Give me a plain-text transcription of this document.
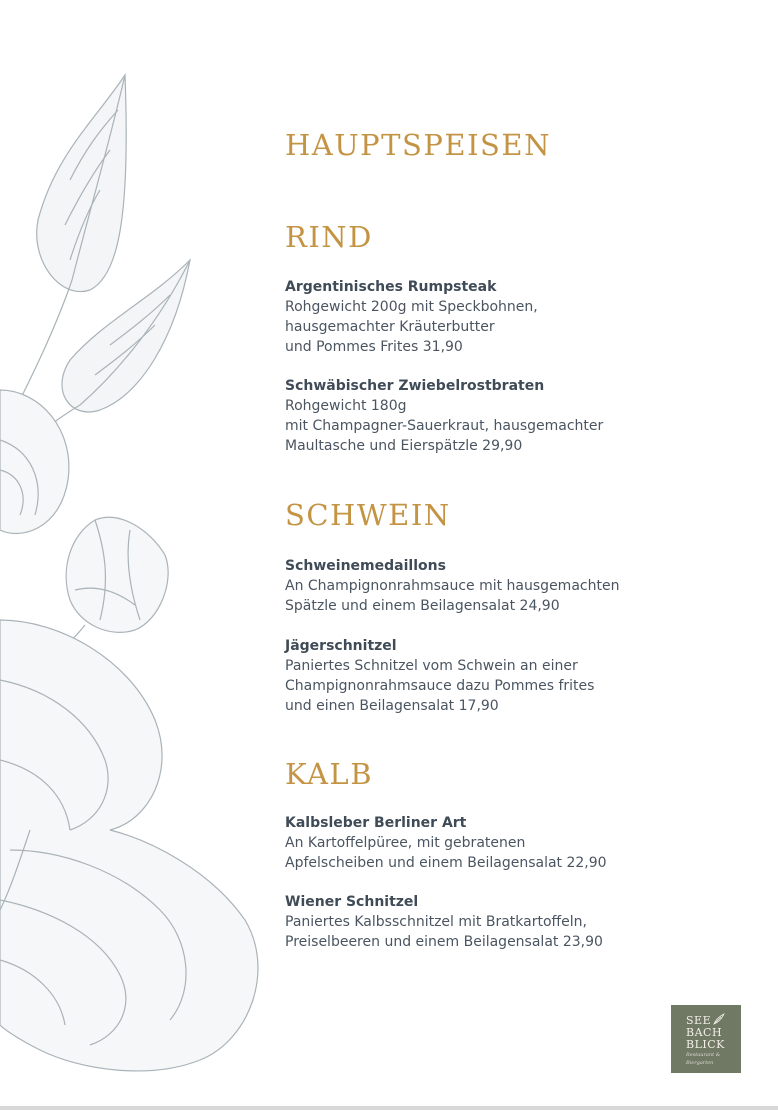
HAUPTSPEISEN
RIND
Argentinisches Rumpsteak
Rohgewicht 200g mit Speckbohnen,
hausgemachter Kräuterbutter
und Pommes Frites 31,90
Schwäbischer Zwiebelrostbraten
Rohgewicht 180g
mit Champagner-Sauerkraut, hausgemachter
Maultasche und Eierspätzle 29,90
SCHWEIN
Schweinemedaillons
An Champignonrahmsauce mit hausgemachten
Spätzle und einem Beilagensalat 24,90
Jägerschnitzel
Paniertes Schnitzel vom Schwein an einer
Champignonrahmsauce dazu Pommes frites
und einen Beilagensalat 17,90
KALB
Kalbsleber Berliner Art
An Kartoffelpüree, mit gebratenen
Apfelscheiben und einem Beilagensalat 22,90
Wiener Schnitzel
Paniertes Kalbsschnitzel mit Bratkartoffeln,
Preiselbeeren und einem Beilagensalat 23,90
SEE
BACH
BLICK
Restaurant & Biergarten
